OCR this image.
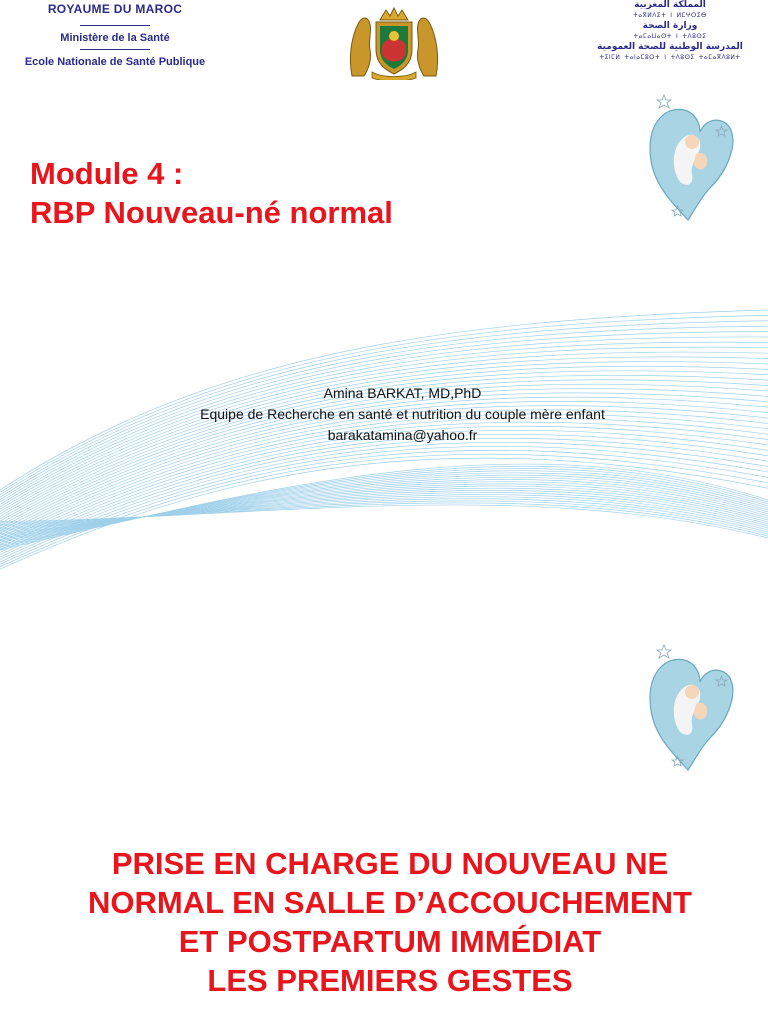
ROYAUME DU MAROC
Ministère de la Santé
Ecole Nationale de Santé Publique
المملكة المغربية
ⵜⴰⴳⵍⴷⵉⵜ ⵏ ⵍⵎⵖⵔⵉⴱ
وزارة الصحة
ⵜⴰⵎⴰⵡⴰⵙⵜ ⵏ ⵜⴷⵓⵙⵉ
المدرسة الوطنية للصحة العمومية
ⵜⵉⵏⵎⵍ ⵜⴰⵏⴰⵎⵓⵔⵜ ⵏ ⵜⴷⵓⵙⵉ ⵜⴰⵎⴰⴳⴷⵓⵍⵜ
Module 4 :
RBP Nouveau-né normal
Amina BARKAT, MD,PhD
Equipe de Recherche en santé et nutrition du couple mère enfant
barakatamina@yahoo.fr
PRISE EN CHARGE DU NOUVEAU NE
NORMAL EN SALLE D’ACCOUCHEMENT
ET POSTPARTUM IMMÉDIAT
LES PREMIERS GESTES
